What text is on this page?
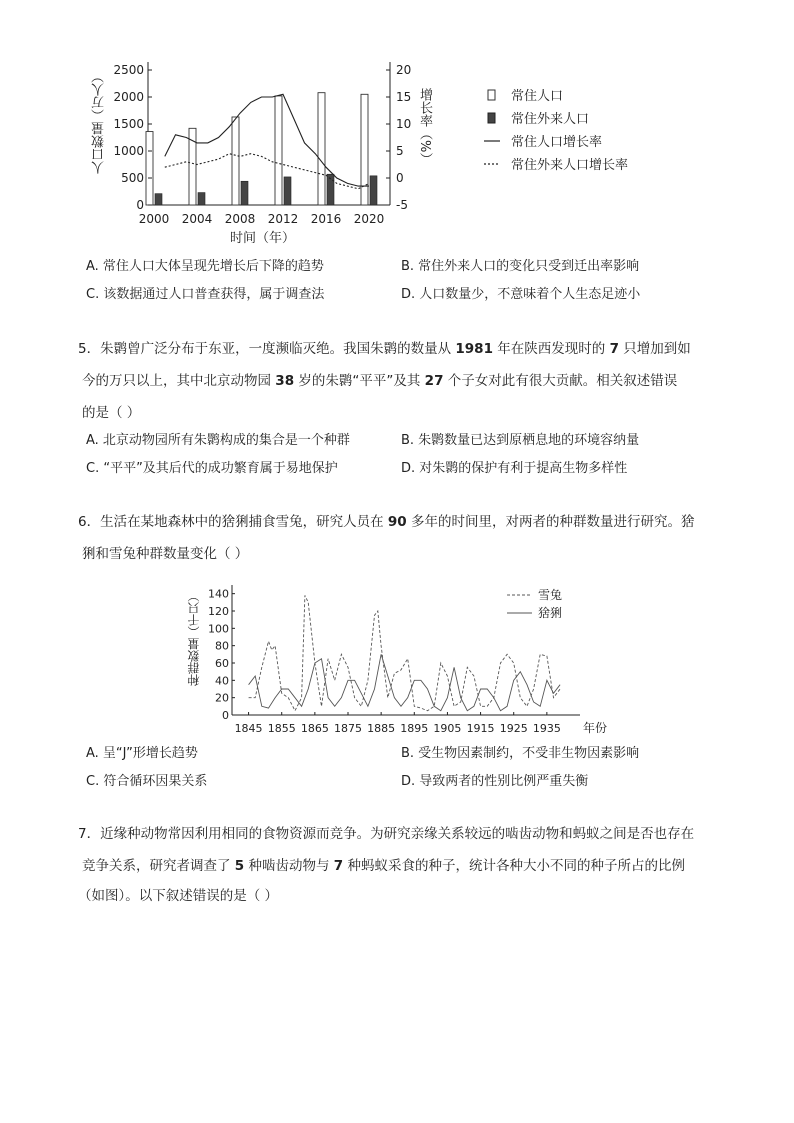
0
500
1000
1500
2000
2500
-5
0
5
10
15
20
2000 2004 2008 2012 2016 2020
常住人口
常住外来人口
常住人口增长率
常住外来人口增长率
时间（年）
人口数量（万人）	增长率（%）
A. 常住人口大体呈现先增长后下降的趋势	B. 常住外来人口的变化只受到迁出率影响
C. 该数据通过人口普查获得，属于调查法	D. 人口数量少，不意味着个人生态足迹小
5．朱鹮曾广泛分布于东亚，一度濒临灭绝。我国朱鹮的数量从 1981 年在陕西发现时的 7 只增加到如
今的万只以上，其中北京动物园 38 岁的朱鹮“平平”及其 27 个子女对此有很大贡献。相关叙述错误
的是（ ）
A. 北京动物园所有朱鹮构成的集合是一个种群	B. 朱鹮数量已达到原栖息地的环境容纳量
C. “平平”及其后代的成功繁育属于易地保护	D. 对朱鹮的保护有利于提高生物多样性
6．生活在某地森林中的猞猁捕食雪兔，研究人员在 90 多年的时间里，对两者的种群数量进行研究。猞
猁和雪兔种群数量变化（ ）
0
20
40
60
80
100
120
140
1845 1855 1865 1875 1885 1895 1905 1915 1925 1935
雪兔
猞猁
种群数量（千只）
年份
A. 呈“J”形增长趋势	B. 受生物因素制约，不受非生物因素影响
C. 符合循环因果关系	D. 导致两者的性别比例严重失衡
7．近缘种动物常因利用相同的食物资源而竞争。为研究亲缘关系较远的啮齿动物和蚂蚁之间是否也存在
竞争关系，研究者调查了 5 种啮齿动物与 7 种蚂蚁采食的种子，统计各种大小不同的种子所占的比例
（如图）。以下叙述错误的是（ ）
